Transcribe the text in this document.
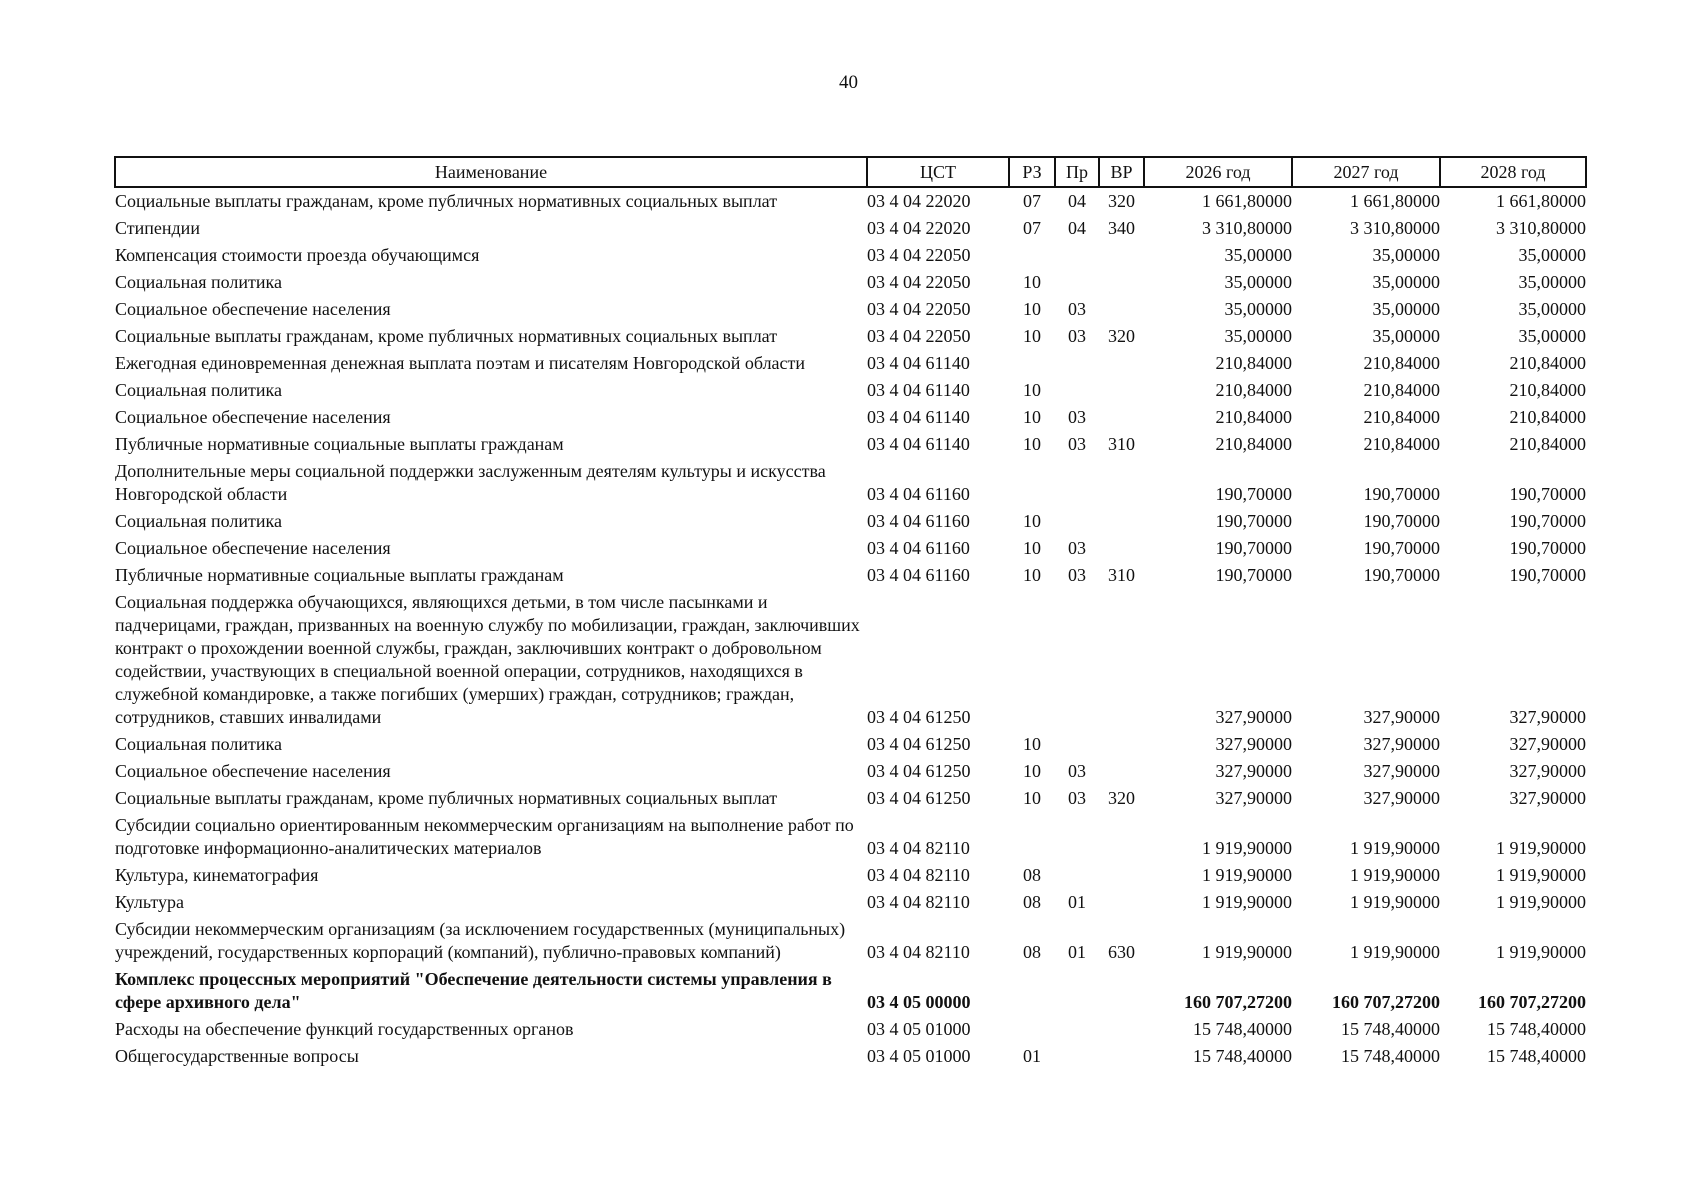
40
Наименование	ЦСТ	РЗ	Пр	ВР	2026 год	2027 год	2028 год
Социальные выплаты гражданам, кроме публичных нормативных социальных выплат	03 4 04 22020	07	04	320	1 661,80000	1 661,80000	1 661,80000
Стипендии	03 4 04 22020	07	04	340	3 310,80000	3 310,80000	3 310,80000
Компенсация стоимости проезда обучающимся	03 4 04 22050				35,00000	35,00000	35,00000
Социальная политика	03 4 04 22050	10			35,00000	35,00000	35,00000
Социальное обеспечение населения	03 4 04 22050	10	03		35,00000	35,00000	35,00000
Социальные выплаты гражданам, кроме публичных нормативных социальных выплат	03 4 04 22050	10	03	320	35,00000	35,00000	35,00000
Ежегодная единовременная денежная выплата поэтам и писателям Новгородской области	03 4 04 61140				210,84000	210,84000	210,84000
Социальная политика	03 4 04 61140	10			210,84000	210,84000	210,84000
Социальное обеспечение населения	03 4 04 61140	10	03		210,84000	210,84000	210,84000
Публичные нормативные социальные выплаты гражданам	03 4 04 61140	10	03	310	210,84000	210,84000	210,84000
Дополнительные меры социальной поддержки заслуженным деятелям культуры и искусства Новгородской области	03 4 04 61160				190,70000	190,70000	190,70000
Социальная политика	03 4 04 61160	10			190,70000	190,70000	190,70000
Социальное обеспечение населения	03 4 04 61160	10	03		190,70000	190,70000	190,70000
Публичные нормативные социальные выплаты гражданам	03 4 04 61160	10	03	310	190,70000	190,70000	190,70000
Социальная поддержка обучающихся, являющихся детьми, в том числе пасынками и падчерицами, граждан, призванных на военную службу по мобилизации, граждан, заключивших контракт о прохождении военной службы, граждан, заключивших контракт о добровольном содействии, участвующих в специальной военной операции, сотрудников, находящихся в служебной командировке, а также погибших (умерших) граждан, сотрудников; граждан, сотрудников, ставших инвалидами	03 4 04 61250				327,90000	327,90000	327,90000
Социальная политика	03 4 04 61250	10			327,90000	327,90000	327,90000
Социальное обеспечение населения	03 4 04 61250	10	03		327,90000	327,90000	327,90000
Социальные выплаты гражданам, кроме публичных нормативных социальных выплат	03 4 04 61250	10	03	320	327,90000	327,90000	327,90000
Субсидии социально ориентированным некоммерческим организациям на выполнение работ по подготовке информационно-аналитических материалов	03 4 04 82110				1 919,90000	1 919,90000	1 919,90000
Культура, кинематография	03 4 04 82110	08			1 919,90000	1 919,90000	1 919,90000
Культура	03 4 04 82110	08	01		1 919,90000	1 919,90000	1 919,90000
Субсидии некоммерческим организациям (за исключением государственных (муниципальных) учреждений, государственных корпораций (компаний), публично-правовых компаний)	03 4 04 82110	08	01	630	1 919,90000	1 919,90000	1 919,90000
Комплекс процессных мероприятий "Обеспечение деятельности системы управления в сфере архивного дела"	03 4 05 00000				160 707,27200	160 707,27200	160 707,27200
Расходы на обеспечение функций государственных органов	03 4 05 01000				15 748,40000	15 748,40000	15 748,40000
Общегосударственные вопросы	03 4 05 01000	01			15 748,40000	15 748,40000	15 748,40000
